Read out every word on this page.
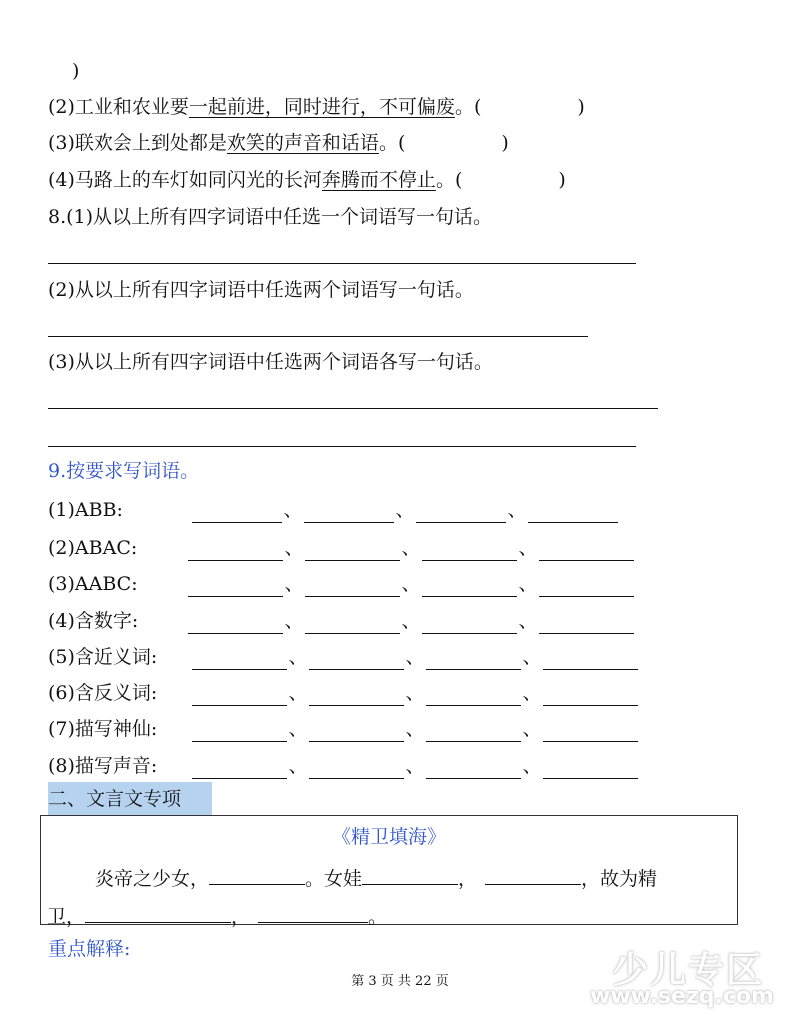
)
(2)工业和农业要一起前进，同时进行，不可偏废。(	)
(3)联欢会上到处都是欢笑的声音和话语。(	)
(4)马路上的车灯如同闪光的长河奔腾而不停止。(	)
8.(1)从以上所有四字词语中任选一个词语写一句话。
(2)从以上所有四字词语中任选两个词语写一句话。
(3)从以上所有四字词语中任选两个词语各写一句话。
9.按要求写词语。
(1)ABB:	、	、	、
(2)ABAC:	、	、	、
(3)AABC:	、	、	、
(4)含数字:	、	、	、
(5)含近义词:	、	、	、
(6)含反义词:	、	、	、
(7)描写神仙:	、	、	、
(8)描写声音:	、	、	、
二、文言文专项
《精卫填海》
炎帝之少女，	。女娃	，	，故为精
卫，	，	。
重点解释:
第 3 页 共 22 页	少儿专区
www.sezq.com
